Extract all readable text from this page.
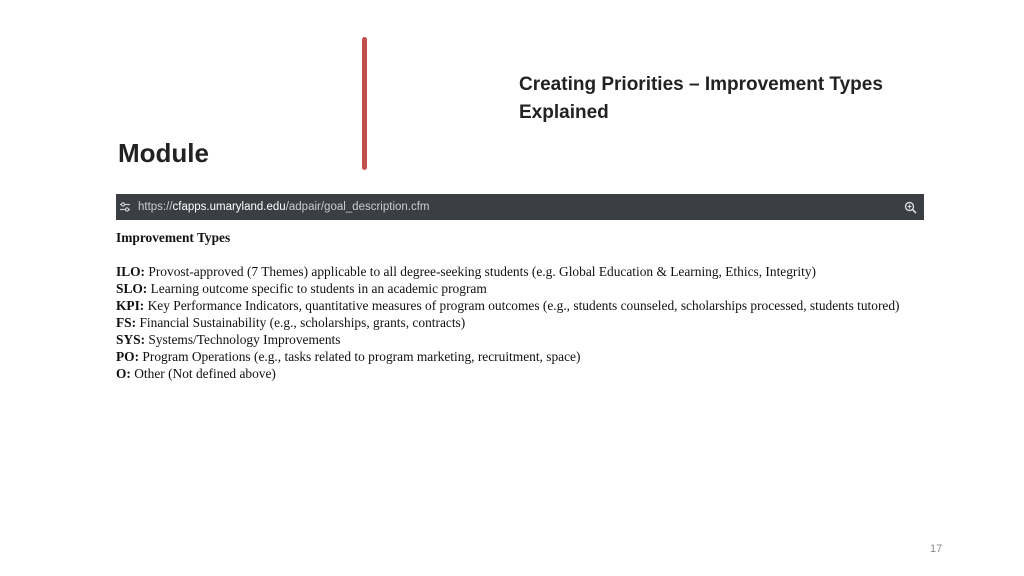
Module
Creating Priorities – Improvement Types Explained
https://cfapps.umaryland.edu/adpair/goal_description.cfm

Improvement Types

ILO: Provost-approved (7 Themes) applicable to all degree-seeking students (e.g. Global Education & Learning, Ethics, Integrity)

SLO: Learning outcome specific to students in an academic program

KPI: Key Performance Indicators, quantitative measures of program outcomes (e.g., students counseled, scholarships processed, students tutored)

FS: Financial Sustainability (e.g., scholarships, grants, contracts)

SYS: Systems/Technology Improvements

PO: Program Operations (e.g., tasks related to program marketing, recruitment, space)

O: Other (Not defined above)

17
